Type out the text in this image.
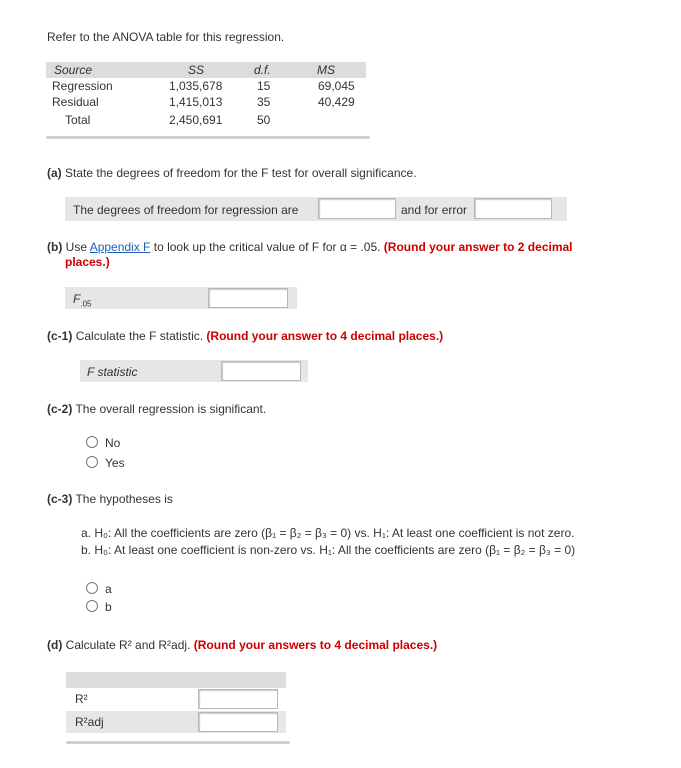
Refer to the ANOVA table for this regression.
Source	SS	d.f.	MS
Regression	1,035,678	15	69,045
Residual	1,415,013	35	40,429
Total	2,450,691	50
(a) State the degrees of freedom for the F test for overall significance.
The degrees of freedom for regression are	and for error
(b) Use Appendix F to look up the critical value of F for α = .05. (Round your answer to 2 decimal
places.)
$F_{.05}$
(c-1) Calculate the F statistic. (Round your answer to 4 decimal places.)
F statistic
(c-2) The overall regression is significant.
No
Yes
(c-3) The hypotheses is
a. H₀: All the coefficients are zero (β₁ = β₂ = β₃ = 0) vs. H₁: At least one coefficient is not zero.
b. H₀: At least one coefficient is non-zero vs. H₁: All the coefficients are zero (β₁ = β₂ = β₃ = 0)
a
b
(d) Calculate R² and R²adj. (Round your answers to 4 decimal places.)
R²
R²adj
